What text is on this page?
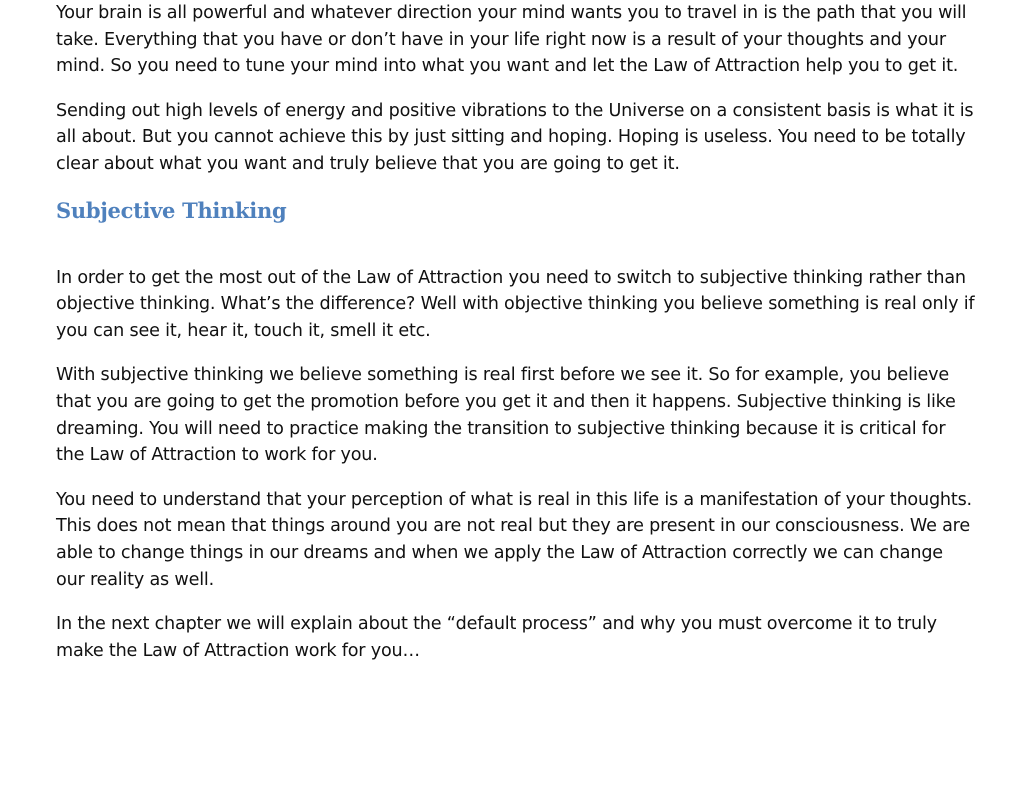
Your brain is all powerful and whatever direction your mind wants you to travel in is the path that you will take. Everything that you have or don’t have in your life right now is a result of your thoughts and your mind. So you need to tune your mind into what you want and let the Law of Attraction help you to get it.

Sending out high levels of energy and positive vibrations to the Universe on a consistent basis is what it is all about. But you cannot achieve this by just sitting and hoping. Hoping is useless. You need to be totally clear about what you want and truly believe that you are going to get it.

Subjective Thinking

In order to get the most out of the Law of Attraction you need to switch to subjective thinking rather than objective thinking. What’s the difference? Well with objective thinking you believe something is real only if you can see it, hear it, touch it, smell it etc.

With subjective thinking we believe something is real first before we see it. So for example, you believe that you are going to get the promotion before you get it and then it happens. Subjective thinking is like dreaming. You will need to practice making the transition to subjective thinking because it is critical for the Law of Attraction to work for you.

You need to understand that your perception of what is real in this life is a manifestation of your thoughts. This does not mean that things around you are not real but they are present in our consciousness. We are able to change things in our dreams and when we apply the Law of Attraction correctly we can change our reality as well.

In the next chapter we will explain about the “default process” and why you must overcome it to truly make the Law of Attraction work for you…
